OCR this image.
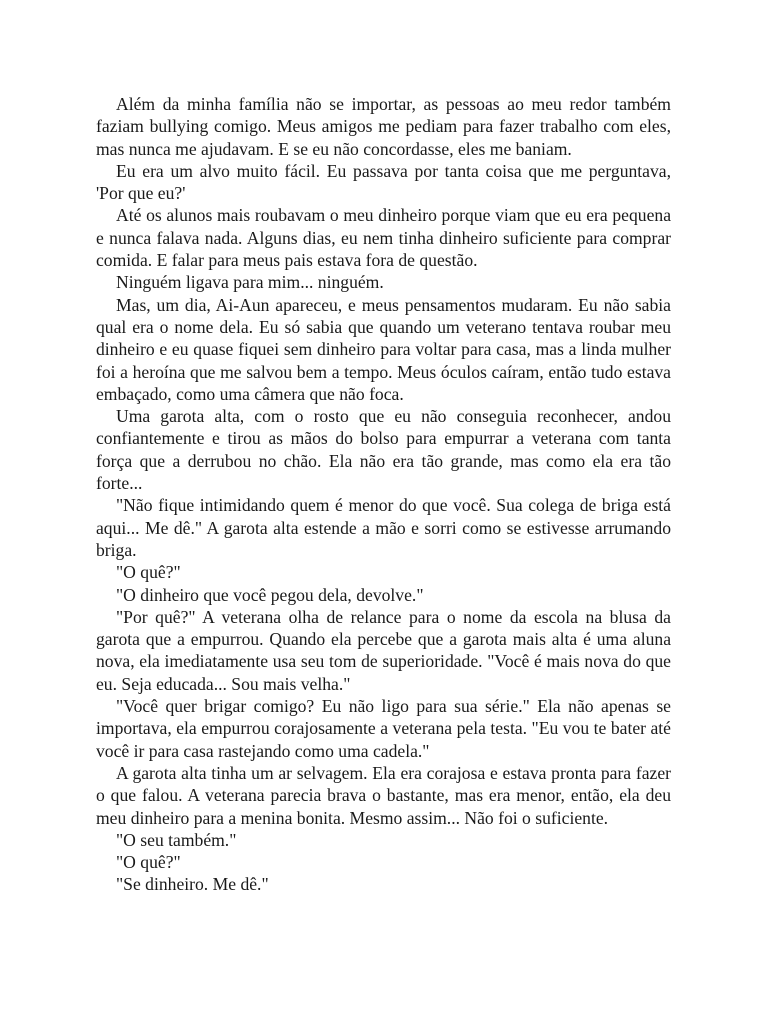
Além da minha família não se importar, as pessoas ao meu redor também faziam bullying comigo. Meus amigos me pediam para fazer trabalho com eles, mas nunca me ajudavam. E se eu não concordasse, eles me baniam.

Eu era um alvo muito fácil. Eu passava por tanta coisa que me perguntava, 'Por que eu?'

Até os alunos mais roubavam o meu dinheiro porque viam que eu era pequena e nunca falava nada. Alguns dias, eu nem tinha dinheiro suficiente para comprar comida. E falar para meus pais estava fora de questão.

Ninguém ligava para mim... ninguém.

Mas, um dia, Ai-Aun apareceu, e meus pensamentos mudaram. Eu não sabia qual era o nome dela. Eu só sabia que quando um veterano tentava roubar meu dinheiro e eu quase fiquei sem dinheiro para voltar para casa, mas a linda mulher foi a heroína que me salvou bem a tempo. Meus óculos caíram, então tudo estava embaçado, como uma câmera que não foca.

Uma garota alta, com o rosto que eu não conseguia reconhecer, andou confiantemente e tirou as mãos do bolso para empurrar a veterana com tanta força que a derrubou no chão. Ela não era tão grande, mas como ela era tão forte...

"Não fique intimidando quem é menor do que você. Sua colega de briga está aqui... Me dê." A garota alta estende a mão e sorri como se estivesse arrumando briga.

"O quê?"

"O dinheiro que você pegou dela, devolve."

"Por quê?" A veterana olha de relance para o nome da escola na blusa da garota que a empurrou. Quando ela percebe que a garota mais alta é uma aluna nova, ela imediatamente usa seu tom de superioridade. "Você é mais nova do que eu. Seja educada... Sou mais velha."

"Você quer brigar comigo? Eu não ligo para sua série." Ela não apenas se importava, ela empurrou corajosamente a veterana pela testa. "Eu vou te bater até você ir para casa rastejando como uma cadela."

A garota alta tinha um ar selvagem. Ela era corajosa e estava pronta para fazer o que falou. A veterana parecia brava o bastante, mas era menor, então, ela deu meu dinheiro para a menina bonita. Mesmo assim... Não foi o suficiente.

"O seu também."

"O quê?"

"Se dinheiro. Me dê."
